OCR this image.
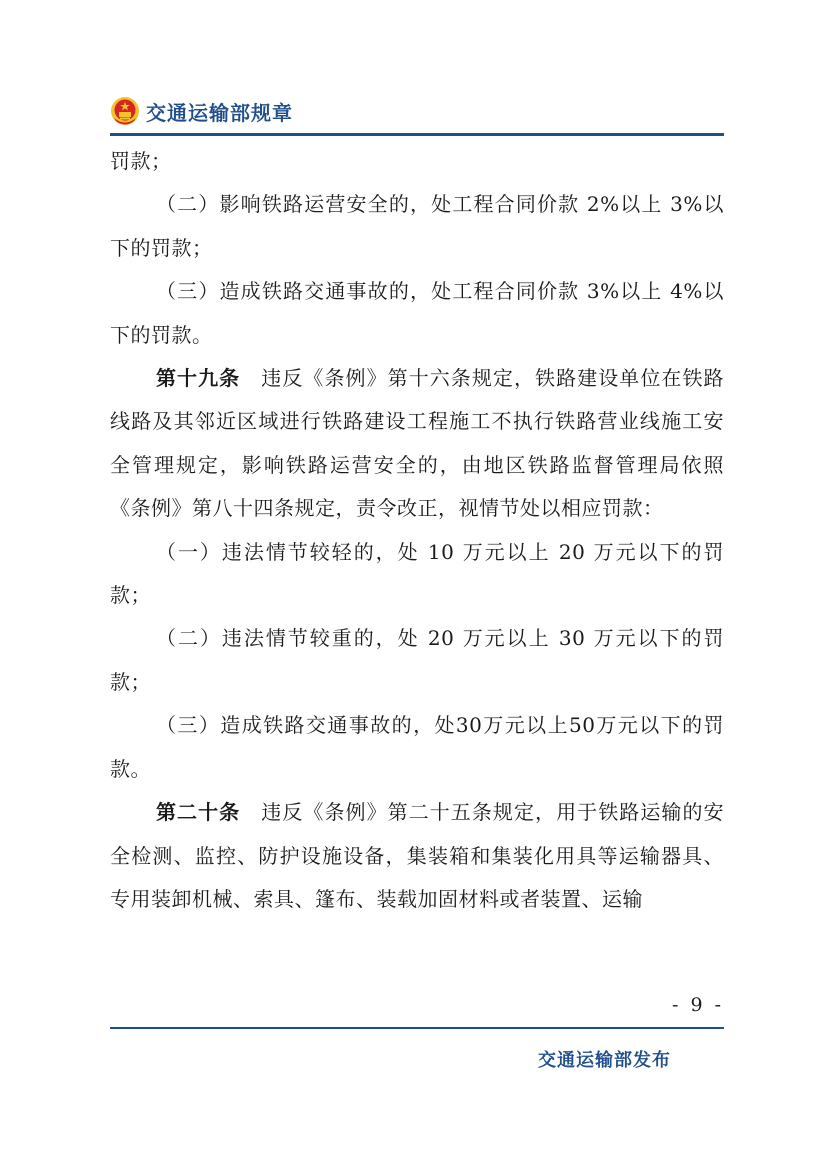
交通运输部规章

罚款；

（二）影响铁路运营安全的，处工程合同价款 2%以上 3%以下的罚款；

（三）造成铁路交通事故的，处工程合同价款 3%以上 4%以下的罚款。

第十九条　违反《条例》第十六条规定，铁路建设单位在铁路线路及其邻近区域进行铁路建设工程施工不执行铁路营业线施工安全管理规定，影响铁路运营安全的，由地区铁路监督管理局依照《条例》第八十四条规定，责令改正，视情节处以相应罚款：

（一）违法情节较轻的，处 10 万元以上 20 万元以下的罚款；

（二）违法情节较重的，处 20 万元以上 30 万元以下的罚款；

（三）造成铁路交通事故的，处30万元以上50万元以下的罚款。

第二十条　违反《条例》第二十五条规定，用于铁路运输的安全检测、监控、防护设施设备，集装箱和集装化用具等运输器具、专用装卸机械、索具、篷布、装载加固材料或者装置、运输

- 9 -
交通运输部发布
